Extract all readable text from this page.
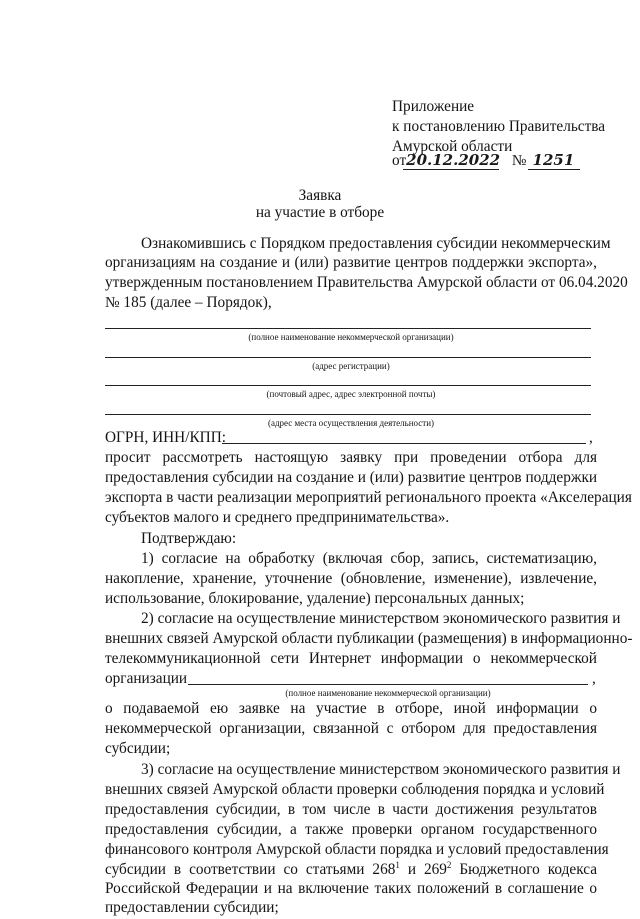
Приложение
к постановлению Правительства
Амурской области
от20.12.2022 № 1251
Заявка
на участие в отборе
Ознакомившись с Порядком предоставления субсидии некоммерческим
организациям на создание и (или) развитие центров поддержки экспорта»,
утвержденным постановлением Правительства Амурской области от 06.04.2020
№ 185 (далее – Порядок),
(полное наименование некоммерческой организации)
(адрес регистрации)
(почтовый адрес, адрес электронной почты)
(адрес места осуществления деятельности)
ОГРН, ИНН/КПП:	,
просит рассмотреть настоящую заявку при проведении отбора для
предоставления субсидии на создание и (или) развитие центров поддержки
экспорта в части реализации мероприятий регионального проекта «Акселерация
субъектов малого и среднего предпринимательства».
Подтверждаю:
1) согласие на обработку (включая сбор, запись, систематизацию,
накопление, хранение, уточнение (обновление, изменение), извлечение,
использование, блокирование, удаление) персональных данных;
2) согласие на осуществление министерством экономического развития и
внешних связей Амурской области публикации (размещения) в информационно-
телекоммуникационной сети Интернет информации о некоммерческой
организации	,
(полное наименование некоммерческой организации)
о подаваемой ею заявке на участие в отборе, иной информации о
некоммерческой организации, связанной с отбором для предоставления
субсидии;
3) согласие на осуществление министерством экономического развития и
внешних связей Амурской области проверки соблюдения порядка и условий
предоставления субсидии, в том числе в части достижения результатов
предоставления субсидии, а также проверки органом государственного
финансового контроля Амурской области порядка и условий предоставления
субсидии в соответствии со статьями $268^1$ и $269^2$ Бюджетного кодекса
Российской Федерации и на включение таких положений в соглашение о
предоставлении субсидии;
